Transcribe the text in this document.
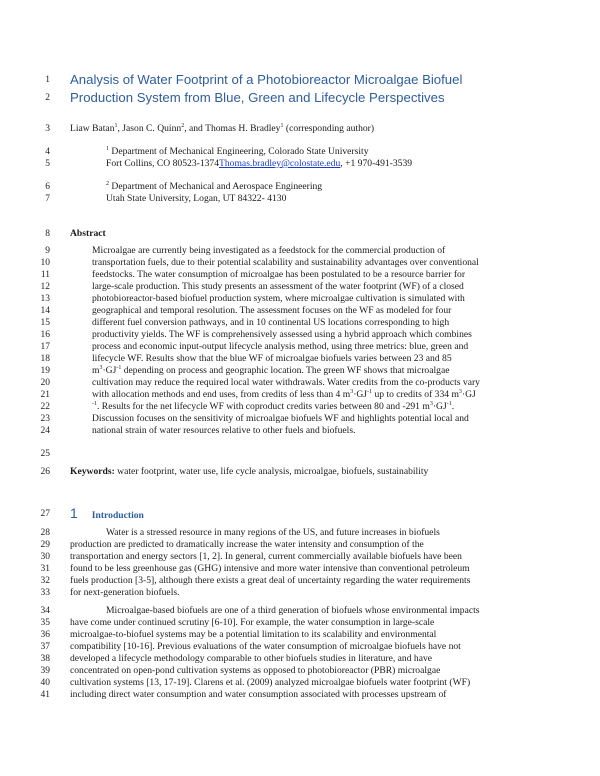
1
2
3
4
5
6
7
8
9
10
11
12
13
14
15
16
17
18
19
20
21
22
23
24
25
26
27
28
29
30
31
32
33
34
35
36
37
38
39
40
41
Analysis of Water Footprint of a Photobioreactor Microalgae Biofuel
Production System from Blue, Green and Lifecycle Perspectives
Liaw Batan$^1$, Jason C. Quinn$^2$, and Thomas H. Bradley$^1$ (corresponding author)
$^1$ Department of Mechanical Engineering, Colorado State University
Fort Collins, CO 80523-1374Thomas.bradley@colostate.edu, +1 970-491-3539
$^2$ Department of Mechanical and Aerospace Engineering
Utah State University, Logan, UT 84322- 4130
Abstract
Microalgae are currently being investigated as a feedstock for the commercial production of
transportation fuels, due to their potential scalability and sustainability advantages over conventional
feedstocks. The water consumption of microalgae has been postulated to be a resource barrier for
large-scale production. This study presents an assessment of the water footprint (WF) of a closed
photobioreactor-based biofuel production system, where microalgae cultivation is simulated with
geographical and temporal resolution. The assessment focuses on the WF as modeled for four
different fuel conversion pathways, and in 10 continental US locations corresponding to high
productivity yields. The WF is comprehensively assessed using a hybrid approach which combines
process and economic input-output lifecycle analysis method, using three metrics: blue, green and
lifecycle WF. Results show that the blue WF of microalgae biofuels varies between 23 and 85
$m^3\cdot GJ^{-1}$ depending on process and geographic location. The green WF shows that microalgae
cultivation may reduce the required local water withdrawals. Water credits from the co-products vary
with allocation methods and end uses, from credits of less than 4 $m^3\cdot GJ^{-1}$ up to credits of 334 $m^3\cdot GJ$
$^{-1}$. Results for the net lifecycle WF with coproduct credits varies between 80 and -291 $m^3\cdot GJ^{-1}$.
Discussion focuses on the sensitivity of microalgae biofuels WF and highlights potential local and
national strain of water resources relative to other fuels and biofuels.
Keywords: water footprint, water use, life cycle analysis, microalgae, biofuels, sustainability
1 Introduction
Water is a stressed resource in many regions of the US, and future increases in biofuels
production are predicted to dramatically increase the water intensity and consumption of the
transportation and energy sectors [1, 2]. In general, current commercially available biofuels have been
found to be less greenhouse gas (GHG) intensive and more water intensive than conventional petroleum
fuels production [3-5], although there exists a great deal of uncertainty regarding the water requirements
for next-generation biofuels.
Microalgae-based biofuels are one of a third generation of biofuels whose environmental impacts
have come under continued scrutiny [6-10]. For example, the water consumption in large-scale
microalgae-to-biofuel systems may be a potential limitation to its scalability and environmental
compatibility [10-16]. Previous evaluations of the water consumption of microalgae biofuels have not
developed a lifecycle methodology comparable to other biofuels studies in literature, and have
concentrated on open-pond cultivation systems as opposed to photobioreactor (PBR) microalgae
cultivation systems [13, 17-19]. Clarens et al. (2009) analyzed microalgae biofuels water footprint (WF)
including direct water consumption and water consumption associated with processes upstream of
